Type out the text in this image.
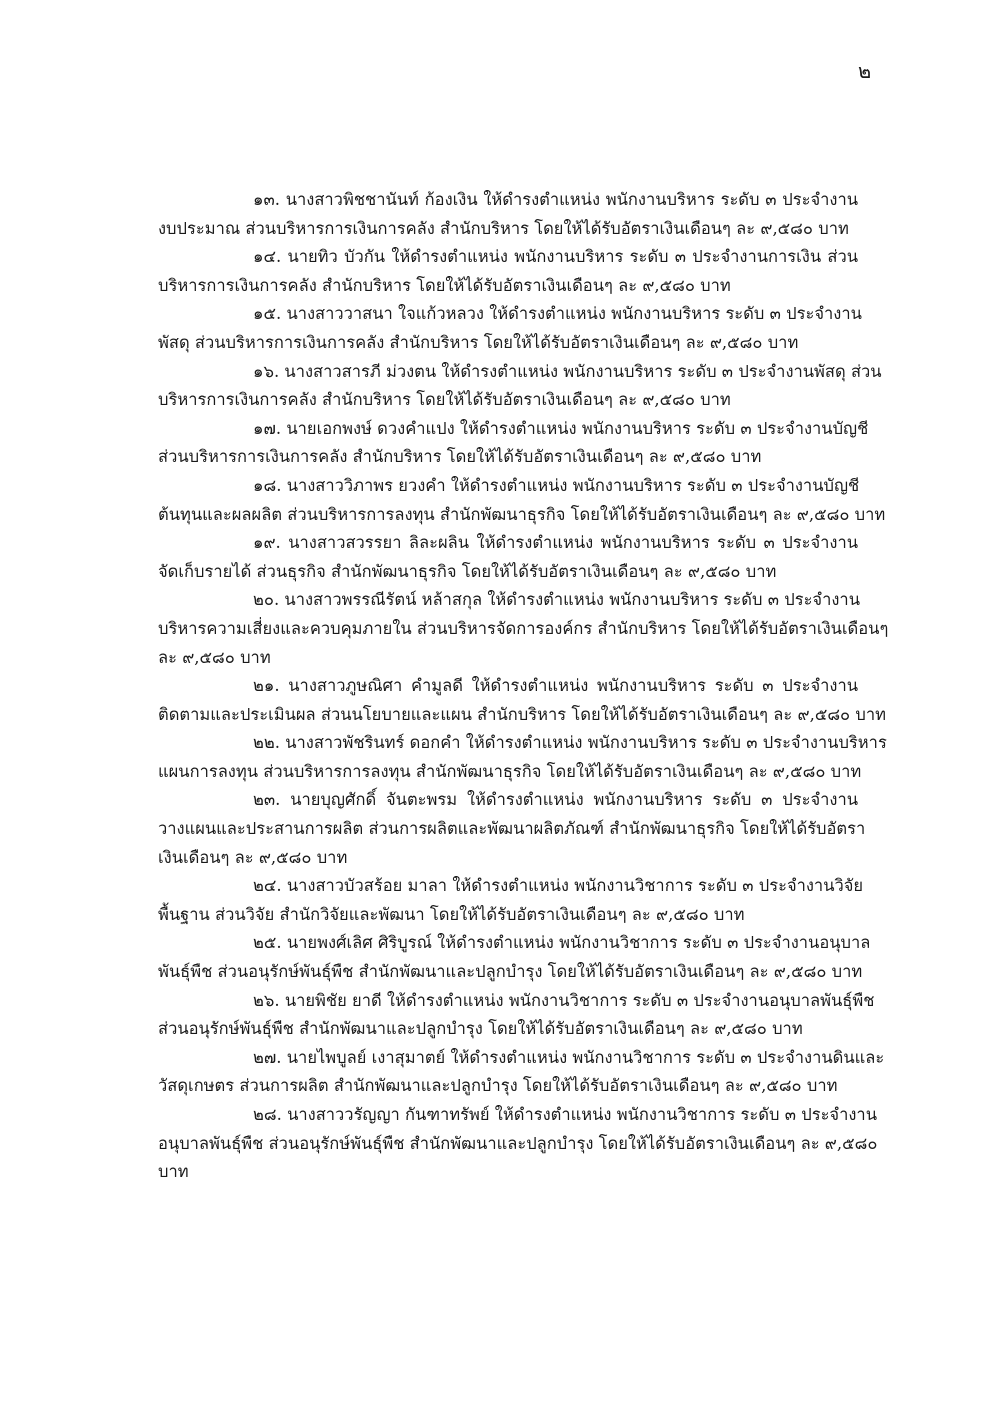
๒
๑๓. นางสาวพิชชานันท์ ก้องเงิน ให้ดำรงตำแหน่ง พนักงานบริหาร ระดับ ๓ ประจำงาน
งบประมาณ ส่วนบริหารการเงินการคลัง สำนักบริหาร โดยให้ได้รับอัตราเงินเดือนๆ ละ ๙,๕๘๐ บาท
๑๔. นายทิว บัวกัน ให้ดำรงตำแหน่ง พนักงานบริหาร ระดับ ๓ ประจำงานการเงิน ส่วน
บริหารการเงินการคลัง สำนักบริหาร โดยให้ได้รับอัตราเงินเดือนๆ ละ ๙,๕๘๐ บาท
๑๕. นางสาววาสนา ใจแก้วหลวง ให้ดำรงตำแหน่ง พนักงานบริหาร ระดับ ๓ ประจำงาน
พัสดุ ส่วนบริหารการเงินการคลัง สำนักบริหาร โดยให้ได้รับอัตราเงินเดือนๆ ละ ๙,๕๘๐ บาท
๑๖. นางสาวสารภี ม่วงตน ให้ดำรงตำแหน่ง พนักงานบริหาร ระดับ ๓ ประจำงานพัสดุ ส่วน
บริหารการเงินการคลัง สำนักบริหาร โดยให้ได้รับอัตราเงินเดือนๆ ละ ๙,๕๘๐ บาท
๑๗. นายเอกพงษ์ ดวงคำแปง ให้ดำรงตำแหน่ง พนักงานบริหาร ระดับ ๓ ประจำงานบัญชี
ส่วนบริหารการเงินการคลัง สำนักบริหาร โดยให้ได้รับอัตราเงินเดือนๆ ละ ๙,๕๘๐ บาท
๑๘. นางสาววิภาพร ยวงคำ ให้ดำรงตำแหน่ง พนักงานบริหาร ระดับ ๓ ประจำงานบัญชี
ต้นทุนและผลผลิต ส่วนบริหารการลงทุน สำนักพัฒนาธุรกิจ โดยให้ได้รับอัตราเงินเดือนๆ ละ ๙,๕๘๐ บาท
๑๙. นางสาวสวรรยา ลิละผลิน ให้ดำรงตำแหน่ง พนักงานบริหาร ระดับ ๓ ประจำงาน
จัดเก็บรายได้ ส่วนธุรกิจ สำนักพัฒนาธุรกิจ โดยให้ได้รับอัตราเงินเดือนๆ ละ ๙,๕๘๐ บาท
๒๐. นางสาวพรรณีรัตน์ หล้าสกุล ให้ดำรงตำแหน่ง พนักงานบริหาร ระดับ ๓ ประจำงาน
บริหารความเสี่ยงและควบคุมภายใน ส่วนบริหารจัดการองค์กร สำนักบริหาร โดยให้ได้รับอัตราเงินเดือนๆ
ละ ๙,๕๘๐ บาท
๒๑. นางสาวภูษณิศา คำมูลดี ให้ดำรงตำแหน่ง พนักงานบริหาร ระดับ ๓ ประจำงาน
ติดตามและประเมินผล ส่วนนโยบายและแผน สำนักบริหาร โดยให้ได้รับอัตราเงินเดือนๆ ละ ๙,๕๘๐ บาท
๒๒. นางสาวพัชรินทร์ ดอกคำ ให้ดำรงตำแหน่ง พนักงานบริหาร ระดับ ๓ ประจำงานบริหาร
แผนการลงทุน ส่วนบริหารการลงทุน สำนักพัฒนาธุรกิจ โดยให้ได้รับอัตราเงินเดือนๆ ละ ๙,๕๘๐ บาท
๒๓. นายบุญศักดิ์ จันตะพรม ให้ดำรงตำแหน่ง พนักงานบริหาร ระดับ ๓ ประจำงาน
วางแผนและประสานการผลิต ส่วนการผลิตและพัฒนาผลิตภัณฑ์ สำนักพัฒนาธุรกิจ โดยให้ได้รับอัตรา
เงินเดือนๆ ละ ๙,๕๘๐ บาท
๒๔. นางสาวบัวสร้อย มาลา ให้ดำรงตำแหน่ง พนักงานวิชาการ ระดับ ๓ ประจำงานวิจัย
พื้นฐาน ส่วนวิจัย สำนักวิจัยและพัฒนา โดยให้ได้รับอัตราเงินเดือนๆ ละ ๙,๕๘๐ บาท
๒๕. นายพงศ์เลิศ ศิริบูรณ์ ให้ดำรงตำแหน่ง พนักงานวิชาการ ระดับ ๓ ประจำงานอนุบาล
พันธุ์พืช ส่วนอนุรักษ์พันธุ์พืช สำนักพัฒนาและปลูกบำรุง โดยให้ได้รับอัตราเงินเดือนๆ ละ ๙,๕๘๐ บาท
๒๖. นายพิชัย ยาดี ให้ดำรงตำแหน่ง พนักงานวิชาการ ระดับ ๓ ประจำงานอนุบาลพันธุ์พืช
ส่วนอนุรักษ์พันธุ์พืช สำนักพัฒนาและปลูกบำรุง โดยให้ได้รับอัตราเงินเดือนๆ ละ ๙,๕๘๐ บาท
๒๗. นายไพบูลย์ เงาสุมาตย์ ให้ดำรงตำแหน่ง พนักงานวิชาการ ระดับ ๓ ประจำงานดินและ
วัสดุเกษตร ส่วนการผลิต สำนักพัฒนาและปลูกบำรุง โดยให้ได้รับอัตราเงินเดือนๆ ละ ๙,๕๘๐ บาท
๒๘. นางสาววรัญญา กันฑาทรัพย์ ให้ดำรงตำแหน่ง พนักงานวิชาการ ระดับ ๓ ประจำงาน
อนุบาลพันธุ์พืช ส่วนอนุรักษ์พันธุ์พืช สำนักพัฒนาและปลูกบำรุง โดยให้ได้รับอัตราเงินเดือนๆ ละ ๙,๕๘๐
บาท
